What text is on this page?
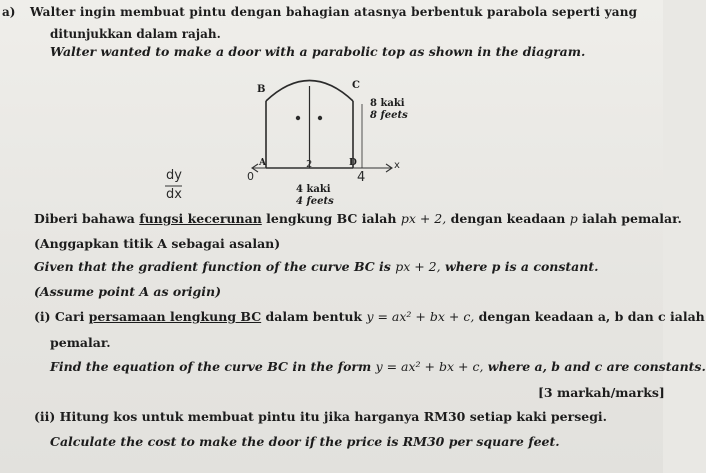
a) Walter ingin membuat pintu dengan bahagian atasnya berbentuk parabola seperti yang
ditunjukkan dalam rajah.
Walter wanted to make a door with a parabolic top as shown in the diagram.
B	C
8 kaki
8 feets
A	D
4 kaki
4 feets
dy
dx
0
2
4
x
Diberi bahawa fungsi kecerunan lengkung BC ialah px + 2, dengan keadaan p ialah pemalar.
(Anggapkan titik A sebagai asalan)
Given that the gradient function of the curve BC is px + 2, where p is a constant.
(Assume point A as origin)
(i) Cari persamaan lengkung BC dalam bentuk y = ax² + bx + c, dengan keadaan a, b dan c ialah
pemalar.
Find the equation of the curve BC in the form y = ax² + bx + c, where a, b and c are constants.
[3 markah/marks]
(ii) Hitung kos untuk membuat pintu itu jika harganya RM30 setiap kaki persegi.
Calculate the cost to make the door if the price is RM30 per square feet.
